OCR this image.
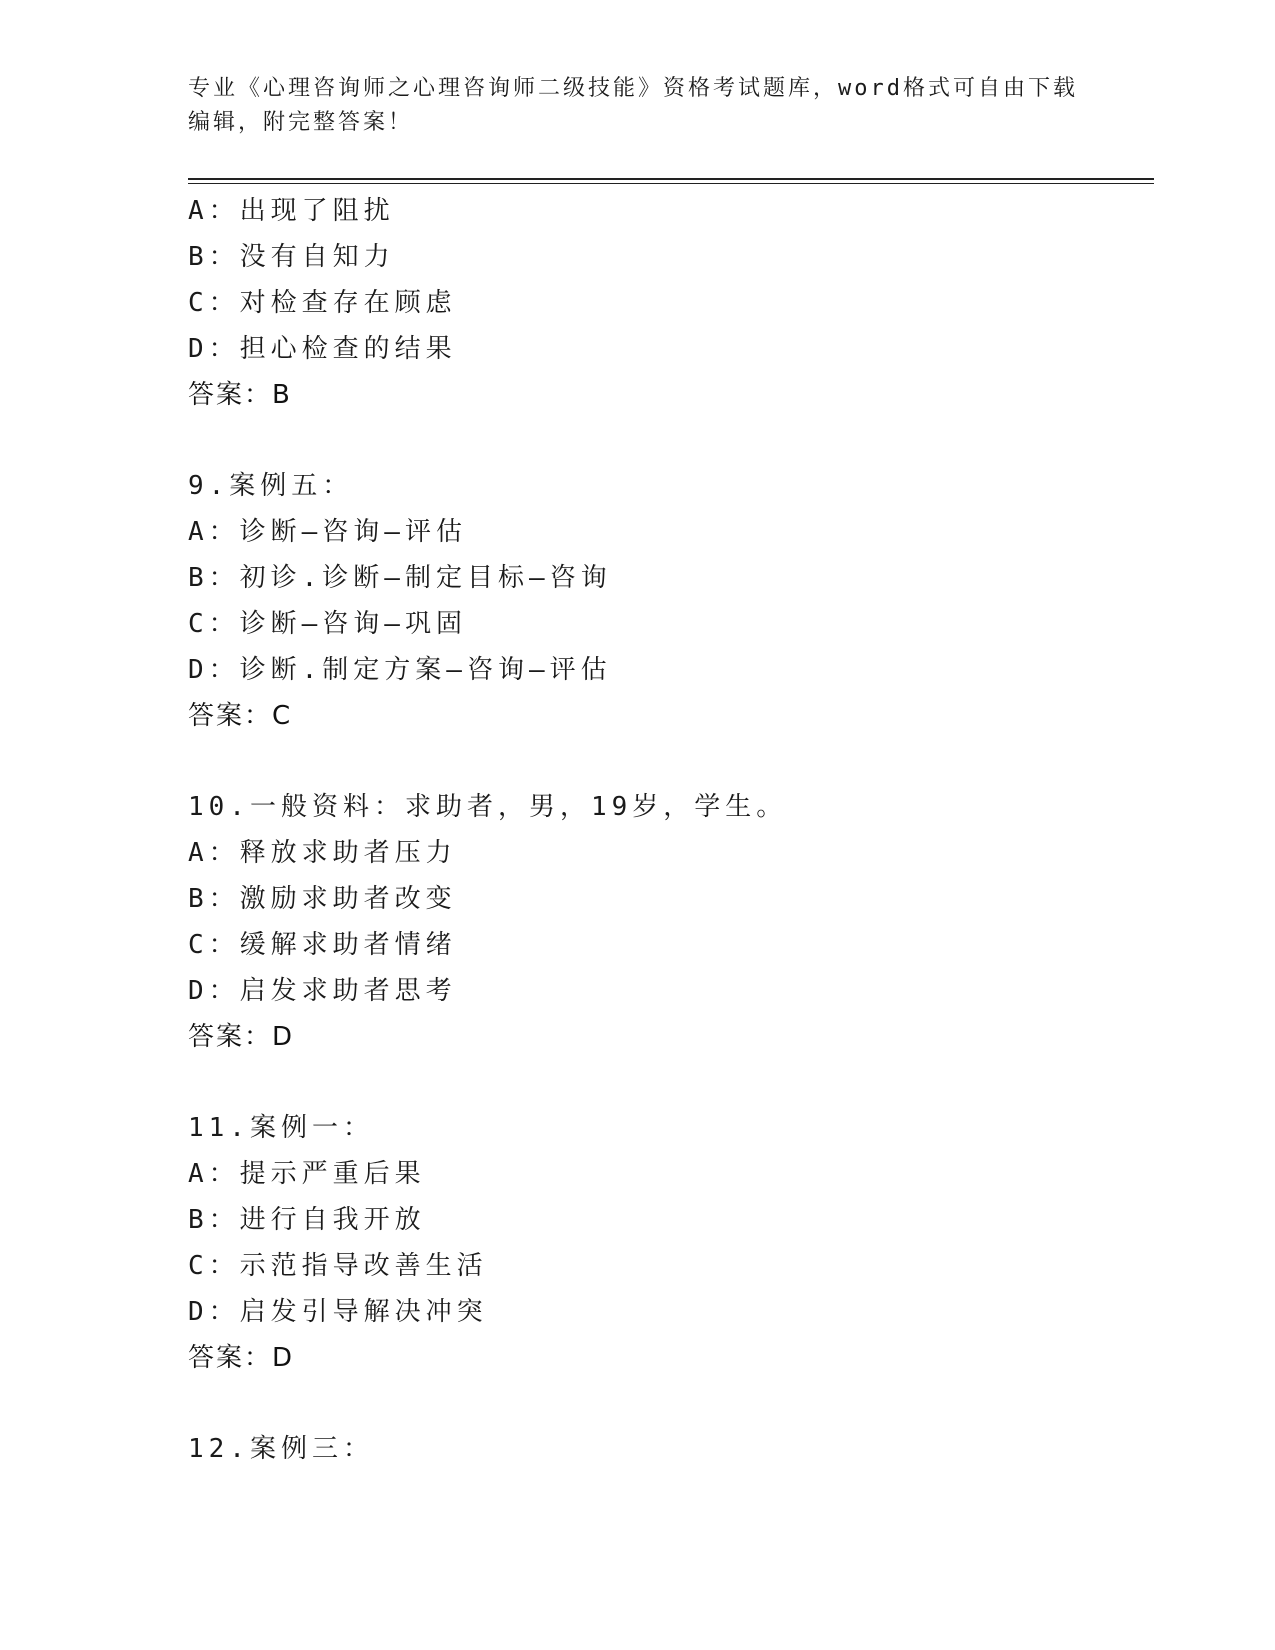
专业《心理咨询师之心理咨询师二级技能》资格考试题库，word格式可自由下载
编辑，附完整答案！
A：出现了阻扰
B：没有自知力
C：对检查存在顾虑
D：担心检查的结果
答案：B
9.案例五：
A：诊断—咨询—评估
B：初诊.诊断—制定目标—咨询
C：诊断—咨询—巩固
D：诊断.制定方案—咨询—评估
答案：C
10.一般资料：求助者，男，19岁，学生。
A：释放求助者压力
B：激励求助者改变
C：缓解求助者情绪
D：启发求助者思考
答案：D
11.案例一：
A：提示严重后果
B：进行自我开放
C：示范指导改善生活
D：启发引导解决冲突
答案：D
12.案例三：
